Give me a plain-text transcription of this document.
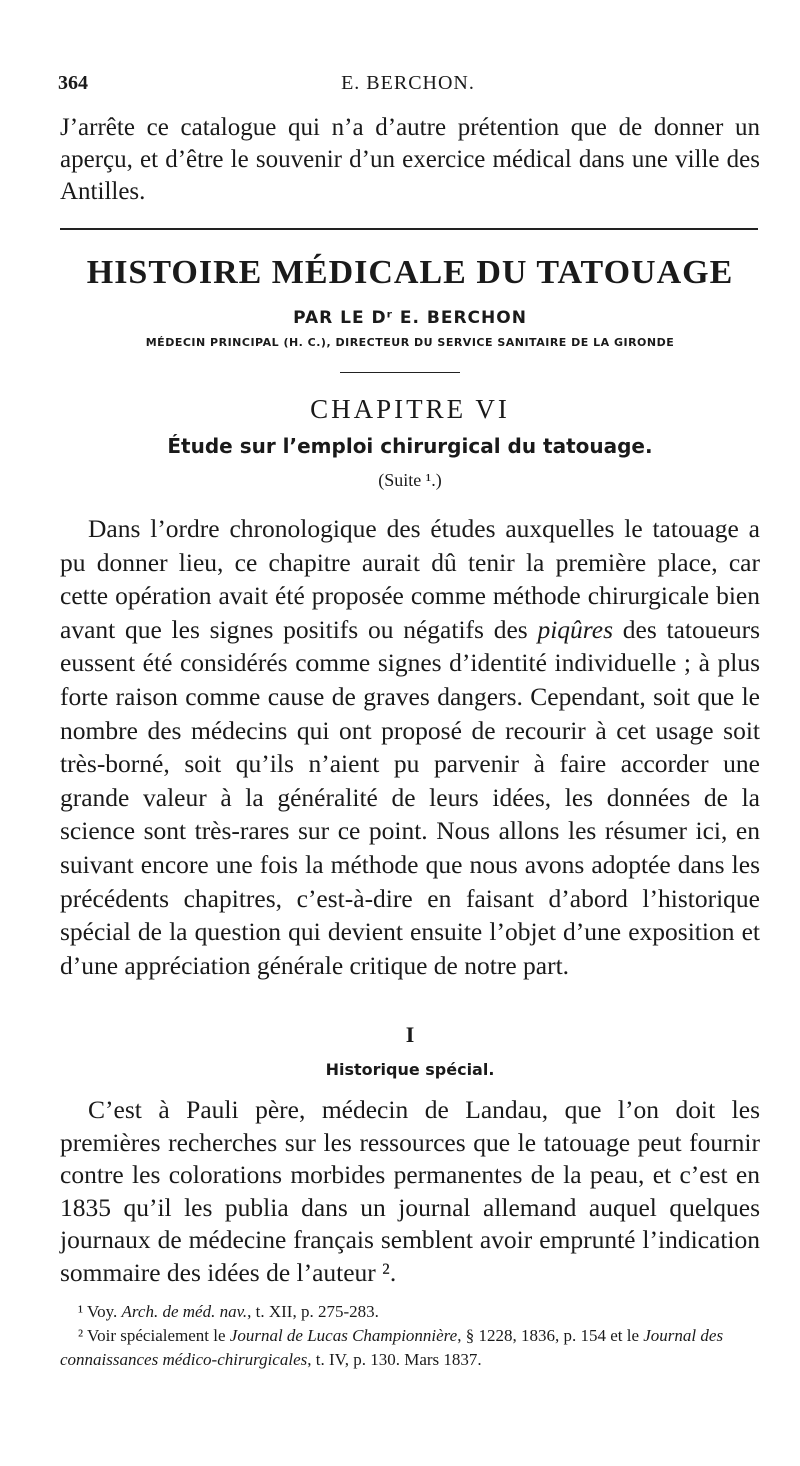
364	E. BERCHON.
J’arrête ce catalogue qui n’a d’autre prétention que de donner un aperçu, et d’être le souvenir d’un exercice médical dans une ville des Antilles.
HISTOIRE MÉDICALE DU TATOUAGE
PAR LE Dʳ E. BERCHON
MÉDECIN PRINCIPAL (H. C.), DIRECTEUR DU SERVICE SANITAIRE DE LA GIRONDE
CHAPITRE VI
Étude sur l’emploi chirurgical du tatouage.
(Suite ¹.)
Dans l’ordre chronologique des études auxquelles le tatouage a pu donner lieu, ce chapitre aurait dû tenir la première place, car cette opération avait été proposée comme méthode chirurgicale bien avant que les signes positifs ou négatifs des piqûres des tatoueurs eussent été considérés comme signes d’identité individuelle ; à plus forte raison comme cause de graves dangers. Cependant, soit que le nombre des médecins qui ont proposé de recourir à cet usage soit très-borné, soit qu’ils n’aient pu parvenir à faire accorder une grande valeur à la généralité de leurs idées, les données de la science sont très-rares sur ce point. Nous allons les résumer ici, en suivant encore une fois la méthode que nous avons adoptée dans les précédents chapitres, c’est-à-dire en faisant d’abord l’historique spécial de la question qui devient ensuite l’objet d’une exposition et d’une appréciation générale critique de notre part.
I
Historique spécial.
C’est à Pauli père, médecin de Landau, que l’on doit les premières recherches sur les ressources que le tatouage peut fournir contre les colorations morbides permanentes de la peau, et c’est en 1835 qu’il les publia dans un journal allemand auquel quelques journaux de médecine français semblent avoir emprunté l’indication sommaire des idées de l’auteur ².
¹ Voy. Arch. de méd. nav., t. XII, p. 275-283.
² Voir spécialement le Journal de Lucas Championnière, § 1228, 1836, p. 154 et le Journal des connaissances médico-chirurgicales, t. IV, p. 130. Mars 1837.
